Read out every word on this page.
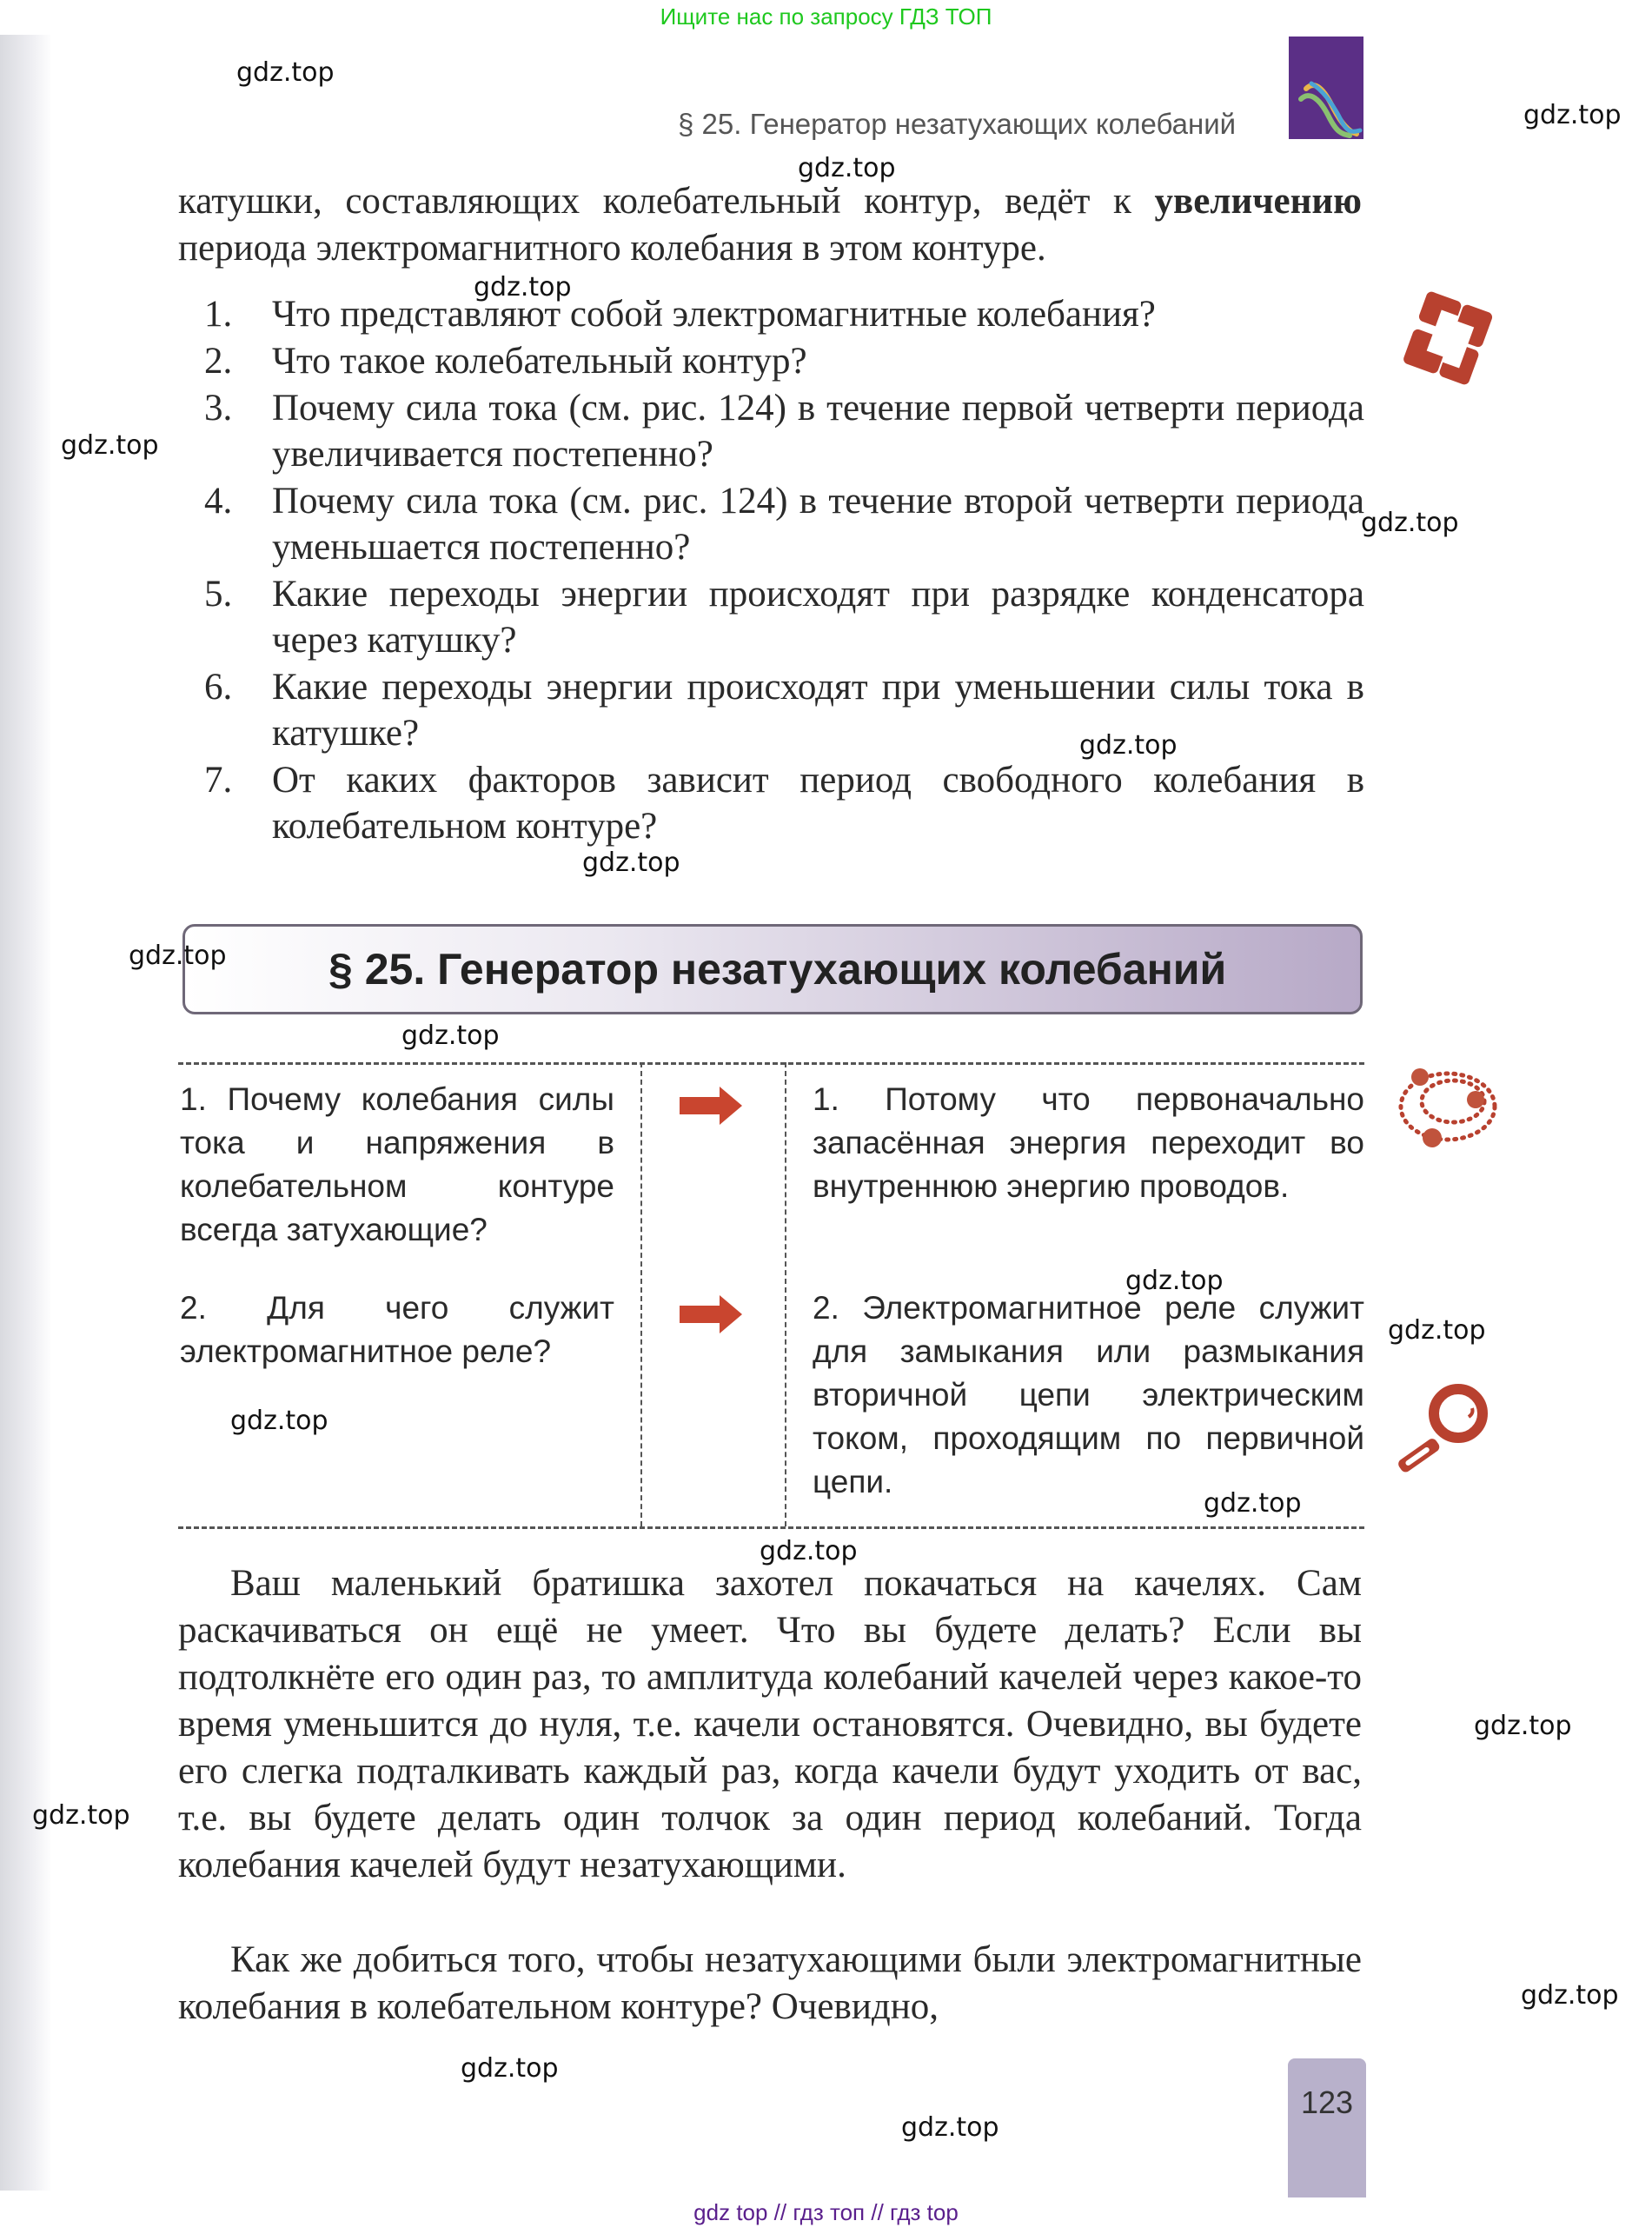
Ищите нас по запросу ГДЗ ТОП
§ 25. Генератор незатухающих колебаний
катушки, составляющих колебательный контур, ведёт к увеличению периода электромагнитного колебания в этом контуре.
1.	Что представляют собой электромагнитные колебания?
2.	Что такое колебательный контур?
3.	Почему сила тока (см. рис. 124) в течение первой четверти периода увеличивается постепенно?
4.	Почему сила тока (см. рис. 124) в течение второй четверти периода уменьшается постепенно?
5.	Какие переходы энергии происходят при разрядке конденсатора через катушку?
6.	Какие переходы энергии происходят при уменьшении силы тока в катушке?
7.	От каких факторов зависит период свободного колебания в колебательном контуре?
§ 25. Генератор незатухающих колебаний
1. Почему колебания силы тока и напряжения в колебательном контуре всегда затухающие?
1. Потому что первоначально запасённая энергия переходит во внутреннюю энергию проводов.
2. Для чего служит электромагнитное реле?
2. Электромагнитное реле служит для замыкания или размыкания вторичной цепи электрическим током, проходящим по первичной цепи.
Ваш маленький братишка захотел покачаться на качелях. Сам раскачиваться он ещё не умеет. Что вы будете делать? Если вы подтолкнёте его один раз, то амплитуда колебаний качелей через какое-то время уменьшится до нуля, т.е. качели остановятся. Очевидно, вы будете его слегка подталкивать каждый раз, когда качели будут уходить от вас, т.е. вы будете делать один толчок за один период колебаний. Тогда колебания качелей будут незатухающими.
Как же добиться того, чтобы незатухающими были электромагнитные колебания в колебательном контуре? Очевидно,
123
gdz.top
gdz.top
gdz.top
gdz.top
gdz.top
gdz.top
gdz.top
gdz.top
gdz.top
gdz.top
gdz.top
gdz.top
gdz.top
gdz.top
gdz.top
gdz.top
gdz.top
gdz.top
gdz.top
gdz.top
gdz top // гдз топ // гдз top
